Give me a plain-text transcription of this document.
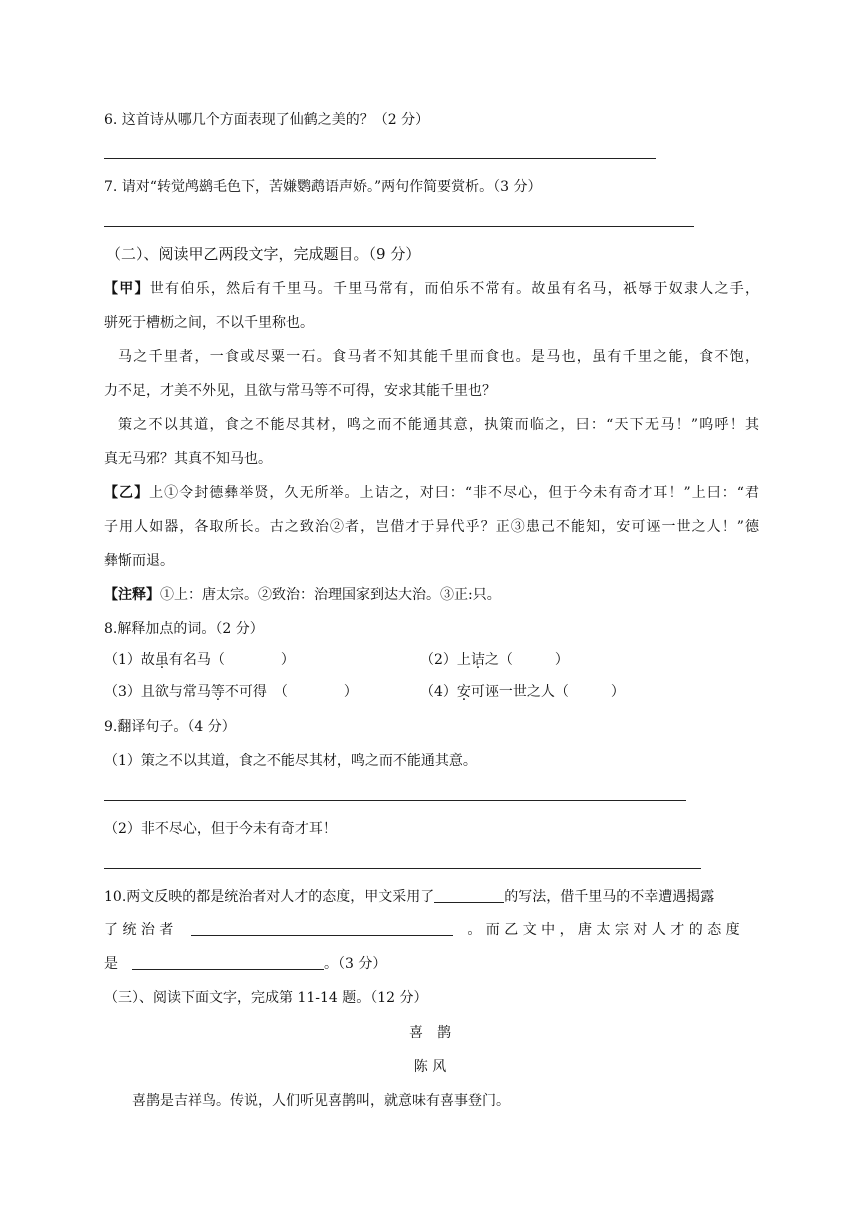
6. 这首诗从哪几个方面表现了仙鹤之美的？（2 分）
7. 请对“转觉鸬鹚毛色下，苦嫌鹦鹉语声娇。”两句作简要赏析。（3 分）
（二）、阅读甲乙两段文字，完成题目。（9 分）
【甲】世有伯乐，然后有千里马。千里马常有，而伯乐不常有。故虽有名马，祇辱于奴隶人之手，
骈死于槽枥之间，不以千里称也。
马之千里者，一食或尽粟一石。食马者不知其能千里而食也。是马也，虽有千里之能，食不饱，
力不足，才美不外见，且欲与常马等不可得，安求其能千里也？
策之不以其道，食之不能尽其材，鸣之而不能通其意，执策而临之，曰：“天下无马！”呜呼！其
真无马邪？其真不知马也。
【乙】上①令封德彝举贤，久无所举。上诘之，对曰：“非不尽心，但于今未有奇才耳！”上曰：“君
子用人如器，各取所长。古之致治②者，岂借才于异代乎？正③患己不能知，安可诬一世之人！”德
彝惭而退。
【注释】①上：唐太宗。②致治：治理国家到达大治。③正:只。
8.解释加点的词。（2 分）
（1）故虽有名马（　　　　）	（2）上诘之（　　　）
（3）且欲与常马等不可得　（　　　　）	（4）安可诬一世之人（　　　）
9.翻译句子。（4 分）
（1）策之不以其道，食之不能尽其材，鸣之而不能通其意。
（2）非不尽心，但于今未有奇才耳！
10.两文反映的都是统治者对人才的态度，甲文采用了	的写法，借千里马的不幸遭遇揭露
了 统 治 者	。 而 乙 文 中 ， 唐 太 宗 对 人 才 的 态 度
是	。（3 分）
（三）、阅读下面文字，完成第 11-14 题。（12 分）
喜　鹊
陈 风
喜鹊是吉祥鸟。传说，人们听见喜鹊叫，就意味有喜事登门。
